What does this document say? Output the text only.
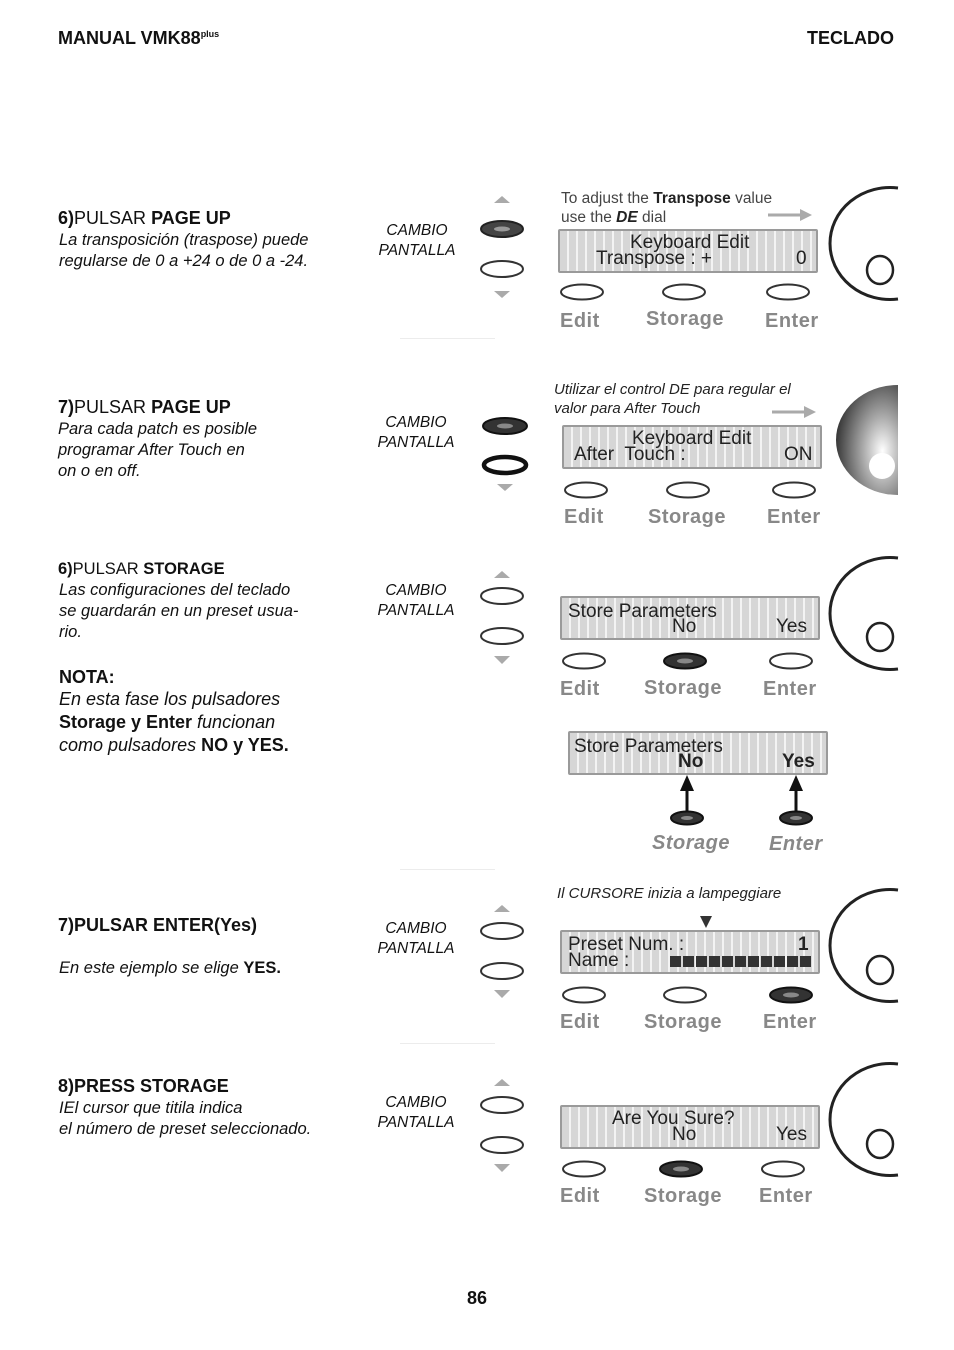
MANUAL $VMK88^{plus}$	TECLADO
6)PULSAR PAGE UP
La transposición (traspose) puede
regularse de 0 a +24 o de 0 a -24.
CAMBIO
PANTALLA
To adjust the Transpose value
use the DE dial
Keyboard Edit
Transpose : +	0
Edit Storage Enter
7)PULSAR PAGE UP
Para cada patch es posible
programar After Touch en
on o en off.
CAMBIO
PANTALLA
Utilizar el control DE para regular el
valor para After Touch
Keyboard Edit
After  Touch :	ON
Edit Storage Enter
6)PULSAR STORAGE
Las configuraciones del teclado
se guardarán en un preset usua-
rio.
NOTA:
En esta fase los pulsadores
Storage y Enter funcionan
como pulsadores NO y YES.
CAMBIO
PANTALLA	Store Parameters
No	Yes
Edit Storage Enter
Store Parameters
No	Yes
Storage Enter
7)PULSAR ENTER(Yes)
En este ejemplo se elige YES.
CAMBIO
PANTALLA
Il CURSORE inizia a lampeggiare
Preset Num. :	1
Name :
Edit Storage Enter
8)PRESS STORAGE
IEl cursor que titila indica
el número de preset seleccionado.
CAMBIO
PANTALLA	Are You Sure?
No	Yes
Edit Storage Enter
86
